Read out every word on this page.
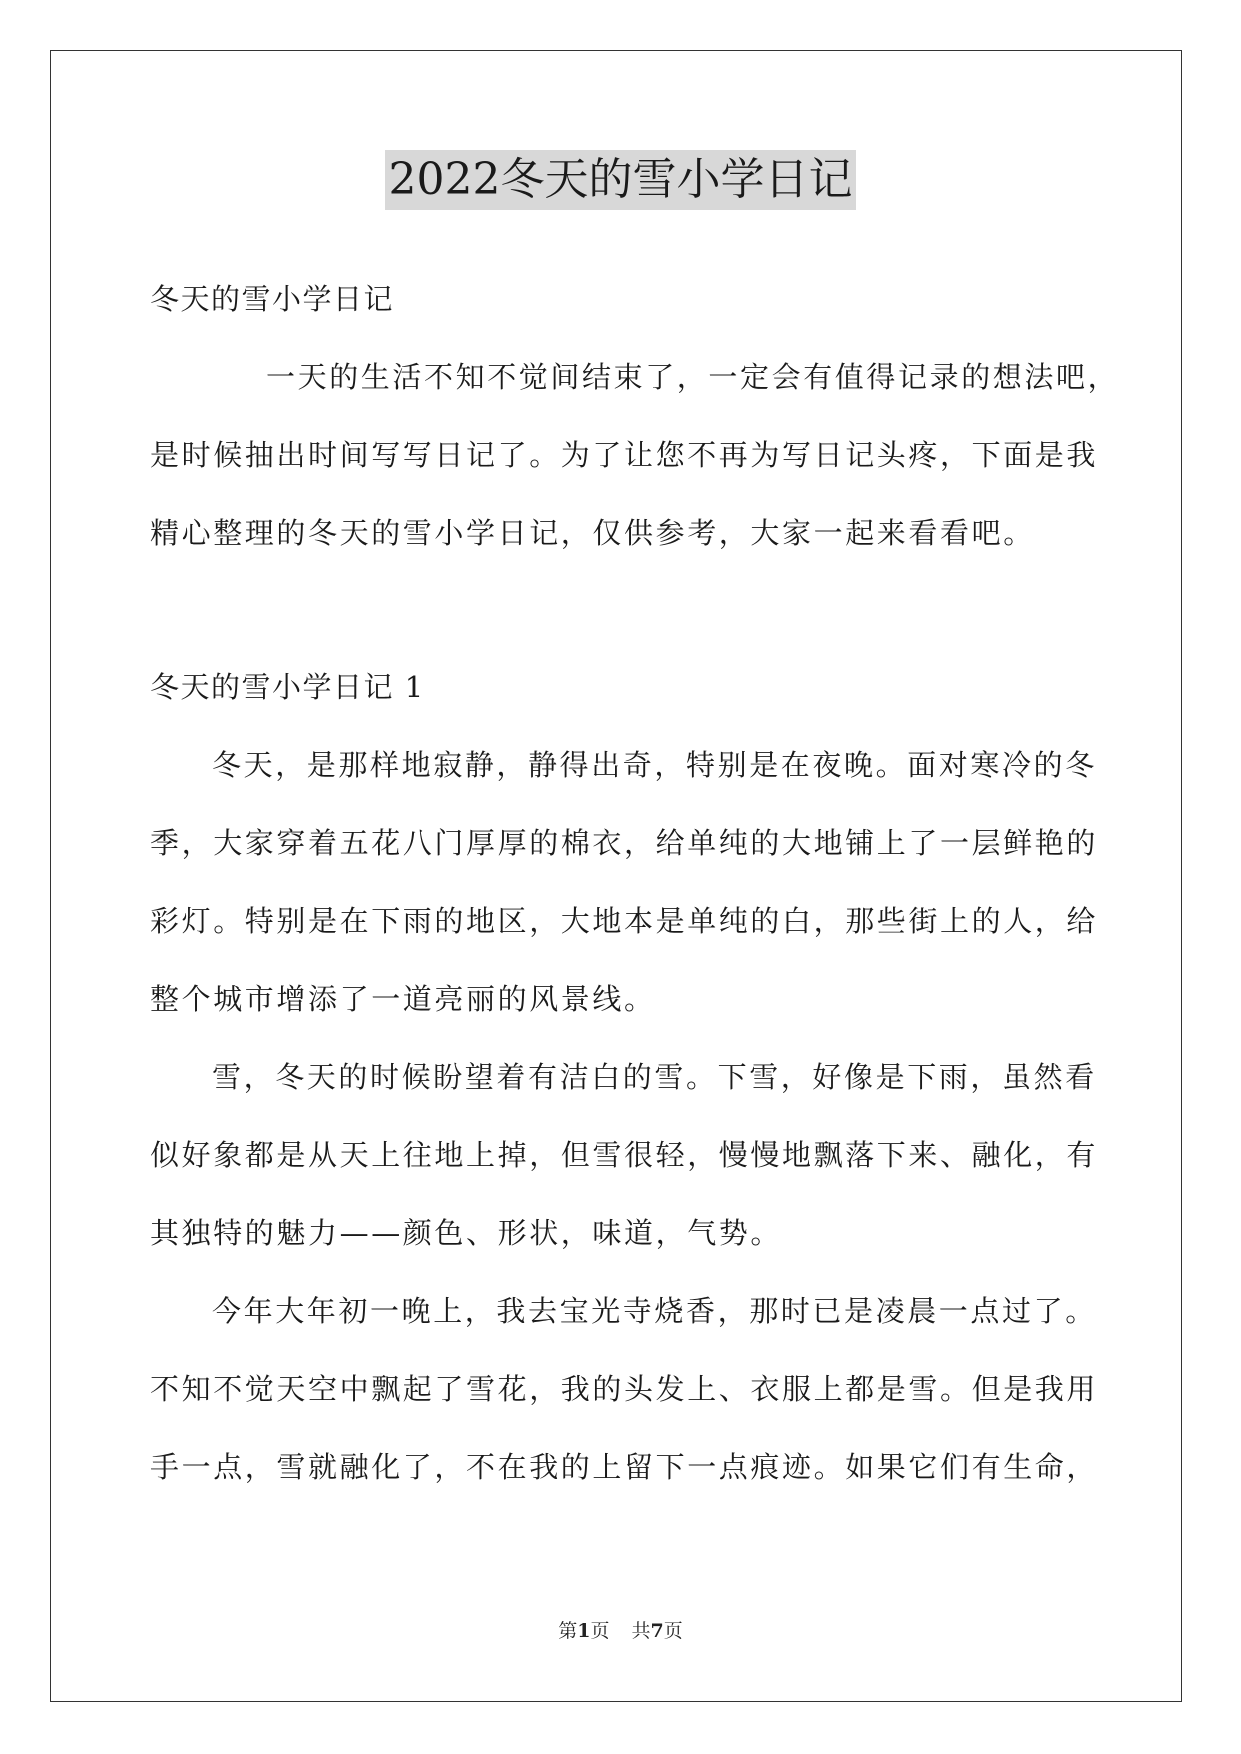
2022冬天的雪小学日记

冬天的雪小学日记

一天的生活不知不觉间结束了，一定会有值得记录的想法吧，

是时候抽出时间写写日记了。为了让您不再为写日记头疼，下面是我

精心整理的冬天的雪小学日记，仅供参考，大家一起来看看吧。

冬天的雪小学日记 1

冬天，是那样地寂静，静得出奇，特别是在夜晚。面对寒冷的冬

季，大家穿着五花八门厚厚的棉衣，给单纯的大地铺上了一层鲜艳的

彩灯。特别是在下雨的地区，大地本是单纯的白，那些街上的人，给

整个城市增添了一道亮丽的风景线。

雪，冬天的时候盼望着有洁白的雪。下雪，好像是下雨，虽然看

似好象都是从天上往地上掉，但雪很轻，慢慢地飘落下来、融化，有

其独特的魅力——颜色、形状，味道，气势。

今年大年初一晚上，我去宝光寺烧香，那时已是凌晨一点过了。

不知不觉天空中飘起了雪花，我的头发上、衣服上都是雪。但是我用

手一点，雪就融化了，不在我的上留下一点痕迹。如果它们有生命，

第1页 共7页
